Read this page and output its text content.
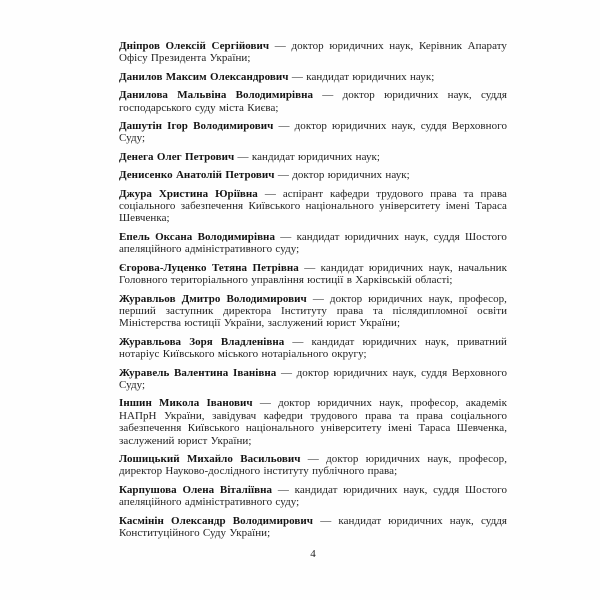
Дніпров Олексій Сергійович — доктор юридичних наук, Керівник Апарату Офісу Президента України;

Данилов Максим Олександрович — кандидат юридичних наук;

Данилова Мальвіна Володимирівна — доктор юридичних наук, суддя господарського суду міста Києва;

Дашутін Ігор Володимирович — доктор юридичних наук, суддя Верховного Суду;

Денега Олег Петрович — кандидат юридичних наук;

Денисенко Анатолій Петрович — доктор юридичних наук;

Джура Христина Юріївна — аспірант кафедри трудового права та права соціального забезпечення Київського національного університету імені Тараса Шевченка;

Епель Оксана Володимирівна — кандидат юридичних наук, суддя Шостого апеляційного адміністративного суду;

Єгорова-Луценко Тетяна Петрівна — кандидат юридичних наук, начальник Головного територіального управління юстиції в Харківській області;

Журавльов Дмитро Володимирович — доктор юридичних наук, професор, перший заступник директора Інституту права та післядипломної освіти Міністерства юстиції України, заслужений юрист України;

Журавльова Зоря Владленівна — кандидат юридичних наук, приватний нотаріус Київського міського нотаріального округу;

Журавель Валентина Іванівна — доктор юридичних наук, суддя Верховного Суду;

Іншин Микола Іванович — доктор юридичних наук, професор, академік НАПрН України, завідувач кафедри трудового права та права соціального забезпечення Київського національного університету імені Тараса Шевченка, заслужений юрист України;

Лошицький Михайло Васильович — доктор юридичних наук, професор, директор Науково-дослідного інституту публічного права;

Карпушова Олена Віталіївна — кандидат юридичних наук, суддя Шостого апеляційного адміністративного суду;

Касмінін Олександр Володимирович — кандидат юридичних наук, суддя Конституційного Суду України;

4
